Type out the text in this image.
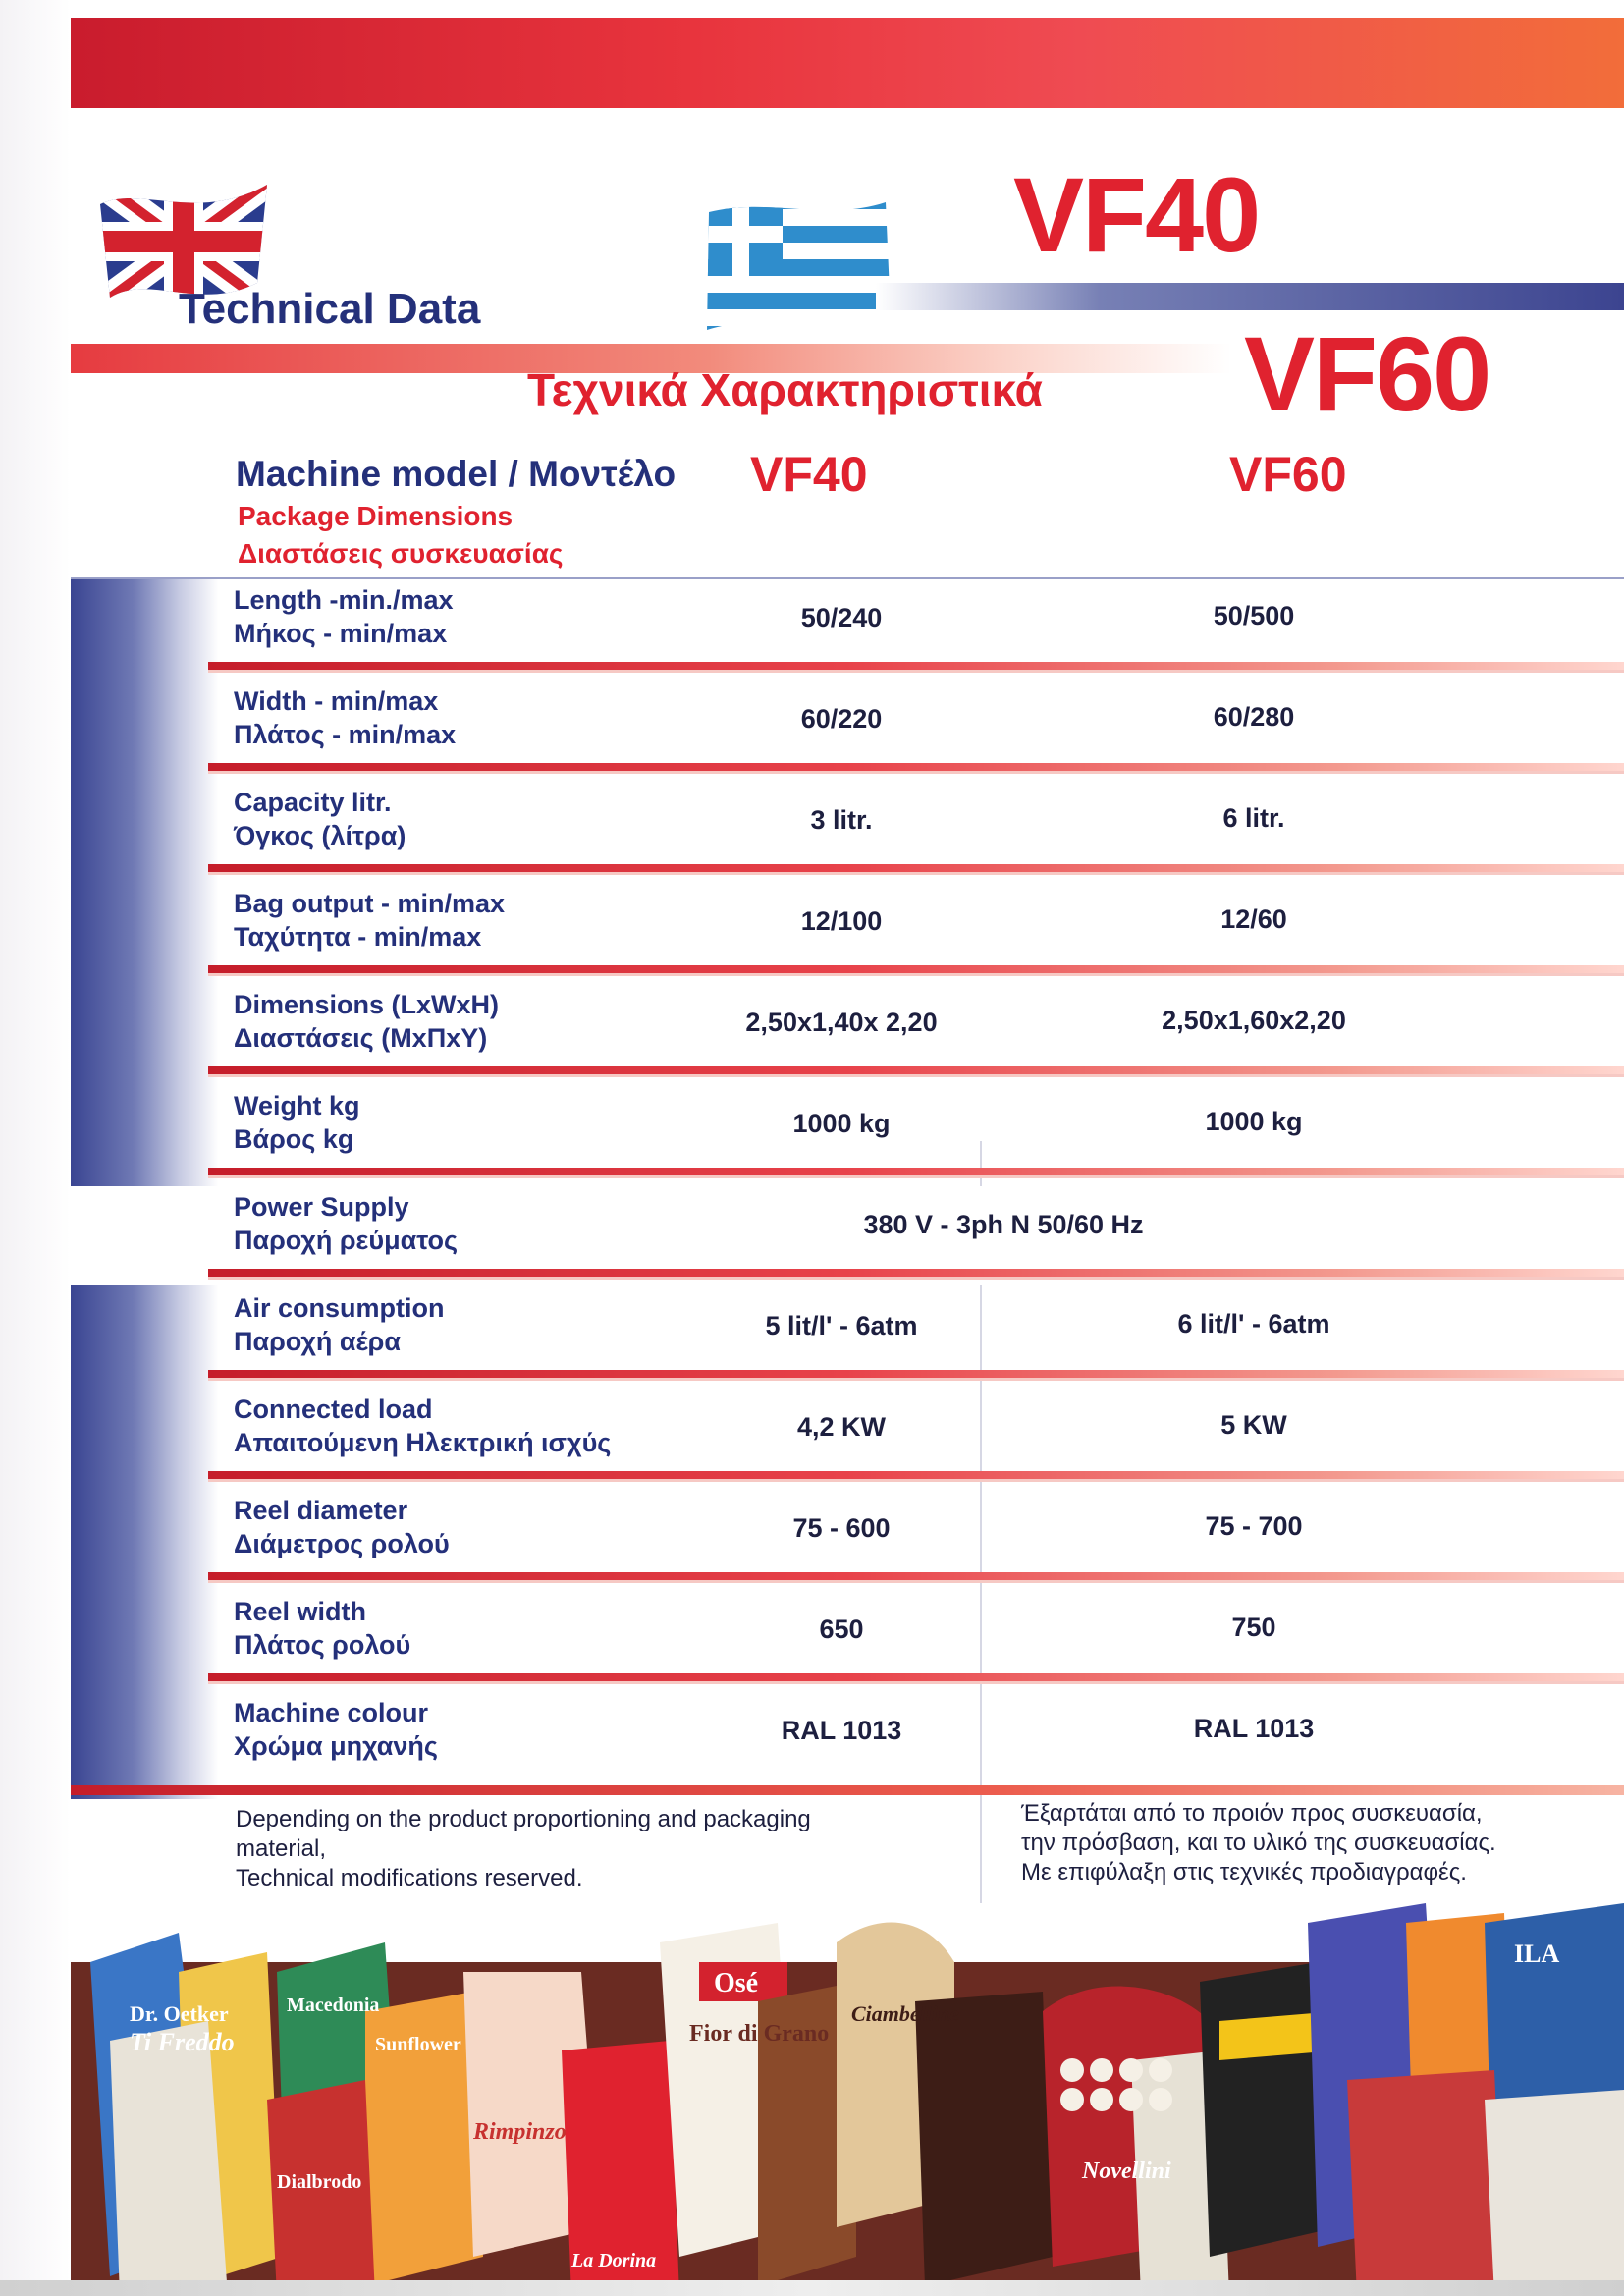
VF40
Technical Data
Τεχνικά Χαρακτηριστικά VF60
Machine model / Μοντέλο VF40	VF60
Package Dimensions
Διαστάσεις συσκευασίας
Length -min./max
Μήκος - min/max
50/240	50/500
Width - min/max
Πλάτος - min/max
60/220	60/280
Capacity litr.
Όγκος (λίτρα)
3 litr.	6 litr.
Bag output - min/max
Ταχύτητα - min/max
12/100	12/60
Dimensions (LxWxH)
Διαστάσεις (ΜxΠxΥ)
2,50x1,40x 2,20	2,50x1,60x2,20
Weight kg
Βάρος kg
1000 kg	1000 kg
Power Supply
Παροχή ρεύματος
380 V - 3ph N 50/60 Hz
Air consumption
Παροχή αέρα
5 lit/l' - 6atm	6 lit/l' - 6atm
Connected load
Απαιτούμενη Ηλεκτρική ισχύς
4,2 KW	5 KW
Reel diameter
Διάμετρος ρολού
75 - 600	75 - 700
Reel width
Πλάτος ρολού
650	750
Machine colour
Χρώμα μηχανής
RAL 1013	RAL 1013
Depending on the product proportioning and packaging
material,
Technical modifications reserved.
Έξαρτάται από το προιόν προς συσκευασία,
την πρόσβαση, και το υλικό της συσκευασίας.
Με επιφύλαξη στις τεχνικές προδιαγραφές.
Dr. Oetker
Ti Freddo
Osé
Fior di Grano
Ciambelline
Novellini
Sunflower
Macedonia
Dialbrodo
La Dorina
Rimpinzo
ILA
